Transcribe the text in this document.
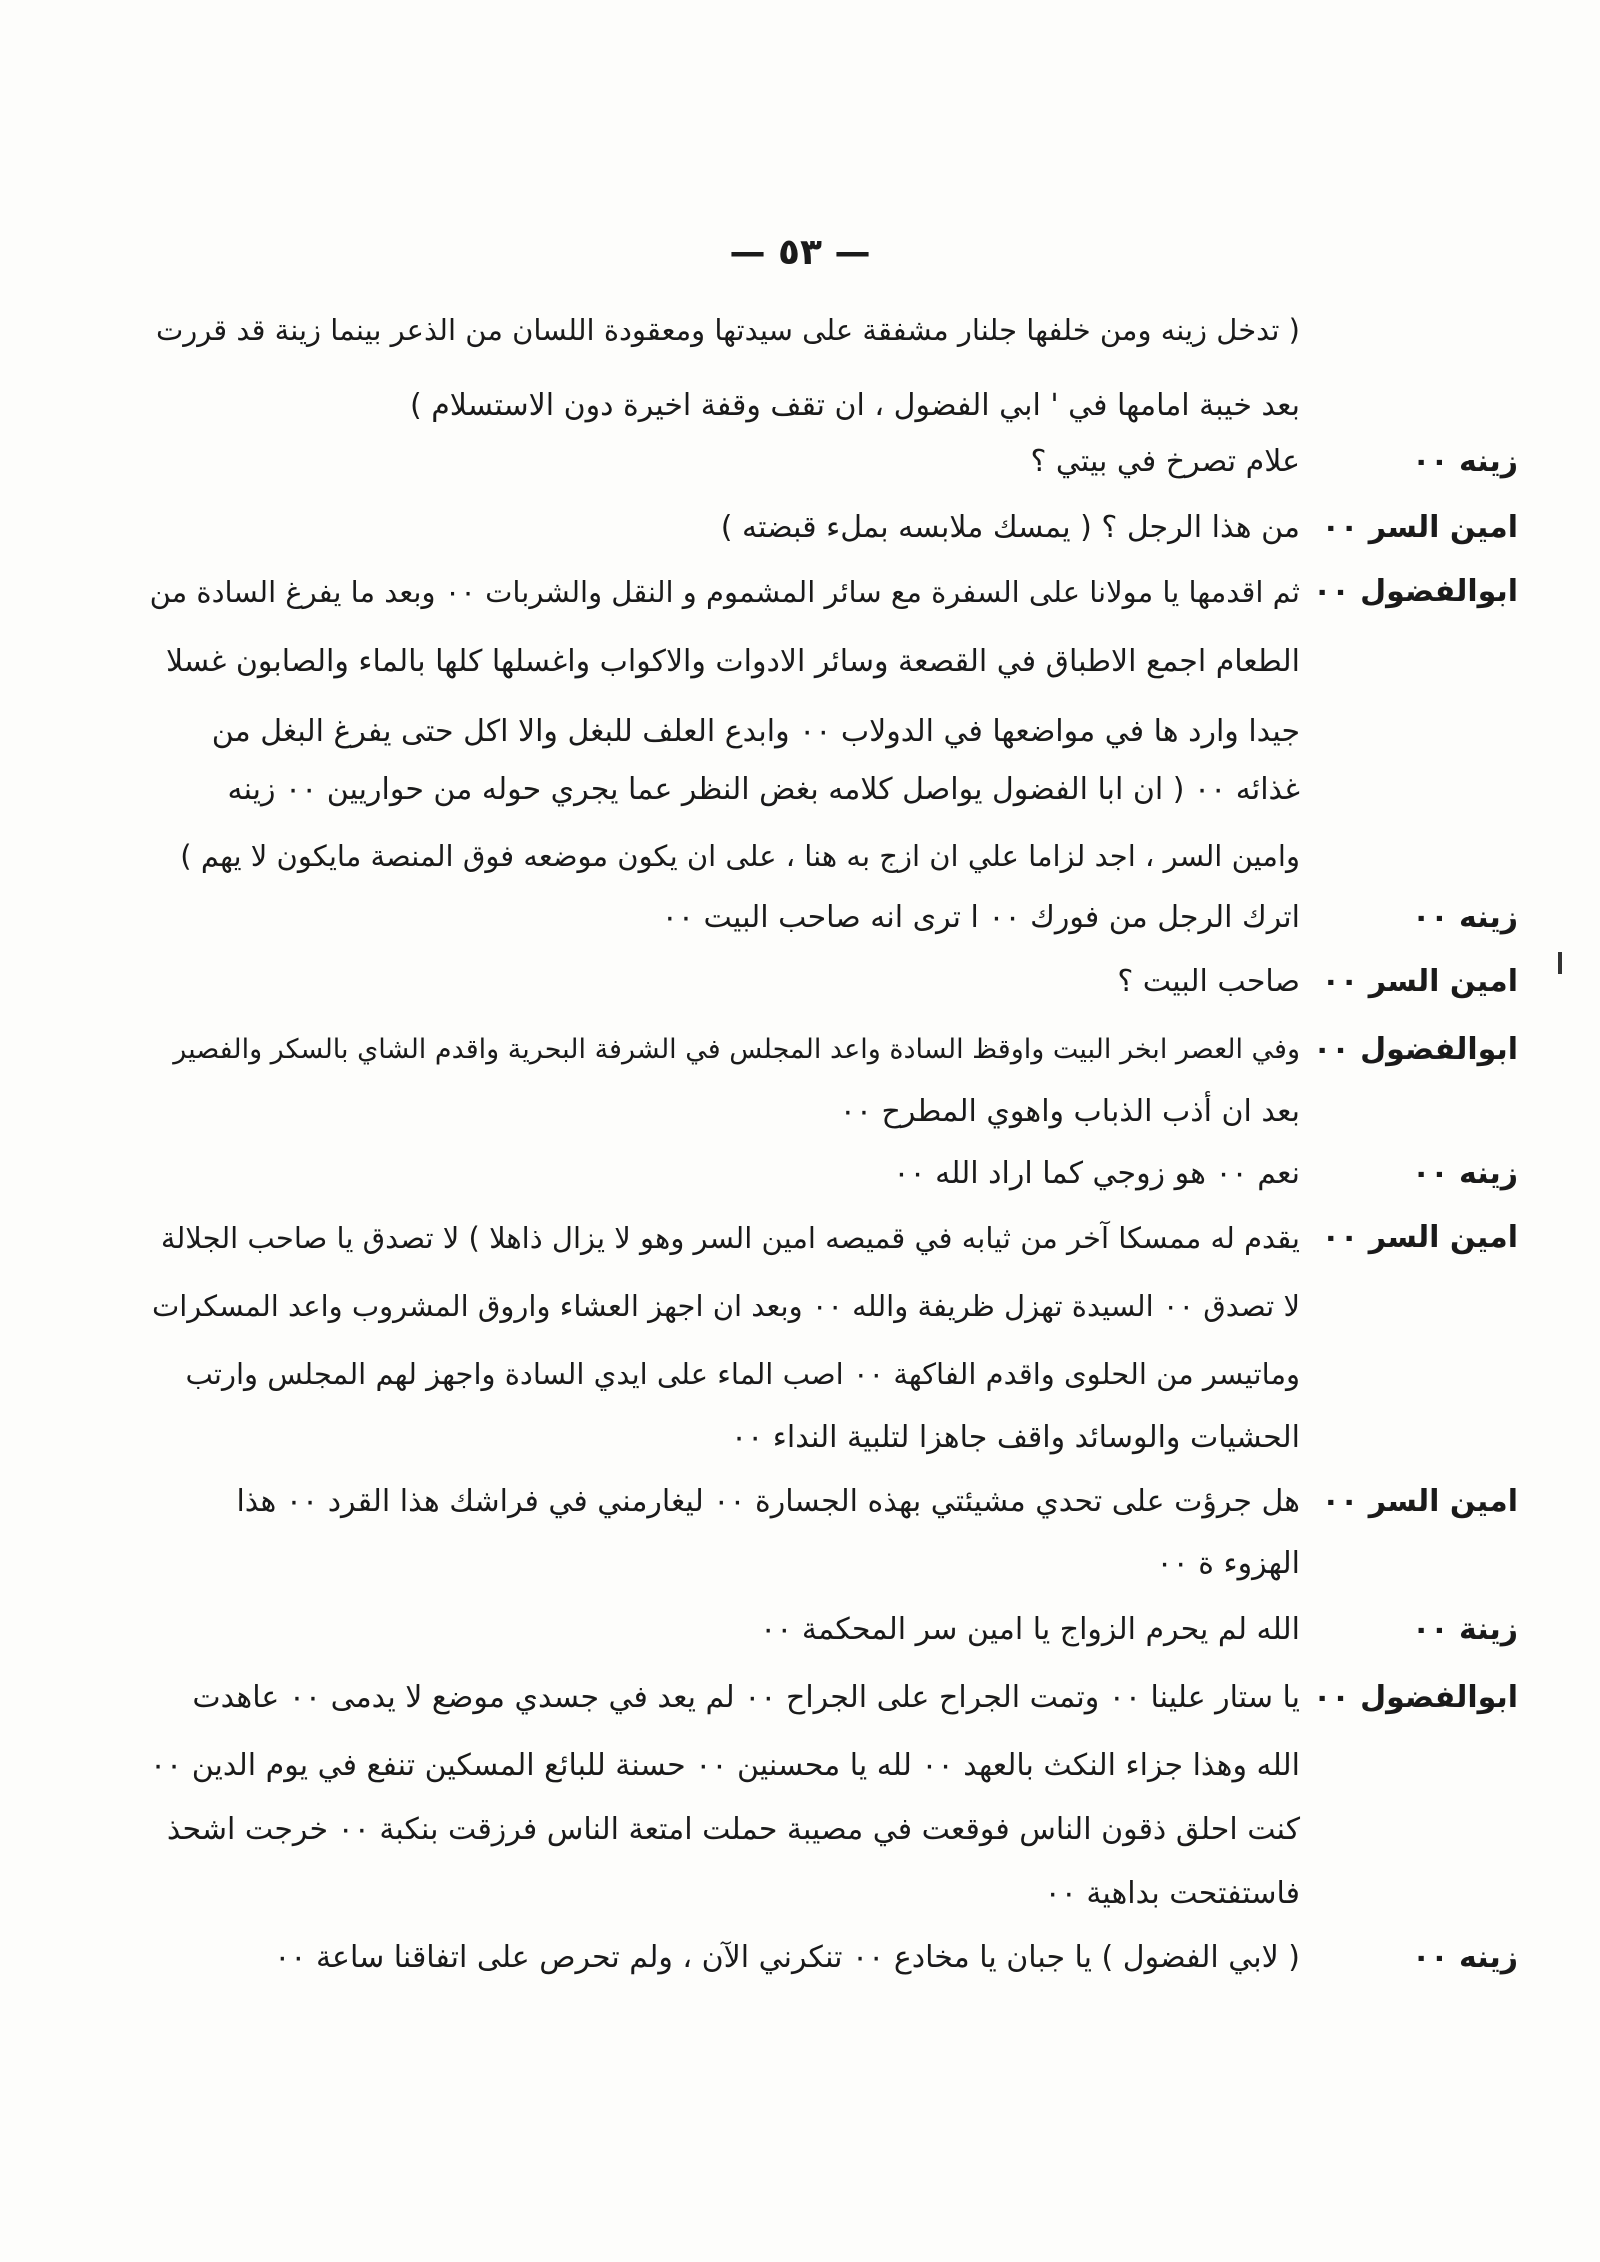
— ٥٣ —
( تدخل زينه ومن خلفها جلنار مشفقة على سيدتها ومعقودة اللسان من الذعر بينما زينة قد قررت
بعد خيبة امامها في ' ابي الفضول ، ان تقف وقفة اخيرة دون الاستسلام )
زينه ٠٠
علام تصرخ في بيتي ؟
امين السر ٠٠
من هذا الرجل ؟ ( يمسك ملابسه بملء قبضته )
ابوالفضول ٠٠
ثم اقدمها يا مولانا على السفرة مع سائر المشموم و النقل والشربات ٠٠ وبعد ما يفرغ السادة من
الطعام اجمع الاطباق في القصعة وسائر الادوات والاكواب واغسلها كلها بالماء والصابون غسلا
جيدا وارد ها في مواضعها في الدولاب ٠٠ وابدع العلف للبغل والا اكل حتى يفرغ البغل من
غذائه ٠٠ ( ان ابا الفضول يواصل كلامه بغض النظر عما يجري حوله من حواريين ٠٠ زينه
وامين السر ، اجد لزاما علي ان ازج به هنا ، على ان يكون موضعه فوق المنصة مايكون لا يهم )
زينه ٠٠
اترك الرجل من فورك ٠٠ ا ترى انه صاحب البيت ٠٠
امين السر ٠٠
صاحب البيت ؟
ابوالفضول ٠٠
وفي العصر ابخر البيت واوقظ السادة واعد المجلس في الشرفة البحرية واقدم الشاي بالسكر والفصير
بعد ان أذب الذباب واهوي المطرح ٠٠
زينه ٠٠
نعم ٠٠ هو زوجي كما اراد الله ٠٠
امين السر ٠٠
يقدم له ممسكا آخر من ثيابه في قميصه امين السر وهو لا يزال ذاهلا ) لا تصدق يا صاحب الجلالة
لا تصدق ٠٠ السيدة تهزل ظريفة والله ٠٠ وبعد ان اجهز العشاء واروق المشروب واعد المسكرات
وماتيسر من الحلوى واقدم الفاكهة ٠٠ اصب الماء على ايدي السادة واجهز لهم المجلس وارتب
الحشيات والوسائد واقف جاهزا لتلبية النداء ٠٠
امين السر ٠٠
هل جرؤت على تحدي مشيئتي بهذه الجسارة ٠٠ ليغارمني في فراشك هذا القرد ٠٠ هذا
الهزوء ة ٠٠
زينة ٠٠
الله لم يحرم الزواج يا امين سر المحكمة ٠٠
ابوالفضول ٠٠
يا ستار علينا ٠٠ وتمت الجراح على الجراح ٠٠ لم يعد في جسدي موضع لا يدمى ٠٠ عاهدت
الله وهذا جزاء النكث بالعهد ٠٠ لله يا محسنين ٠٠ حسنة للبائع المسكين تنفع في يوم الدين ٠٠
كنت احلق ذقون الناس فوقعت في مصيبة حملت امتعة الناس فرزقت بنكبة ٠٠ خرجت اشحذ
فاستفتحت بداهية ٠٠
زينه ٠٠
( لابي الفضول ) يا جبان يا مخادع ٠٠ تنكرني الآن ، ولم تحرص على اتفاقنا ساعة ٠٠
